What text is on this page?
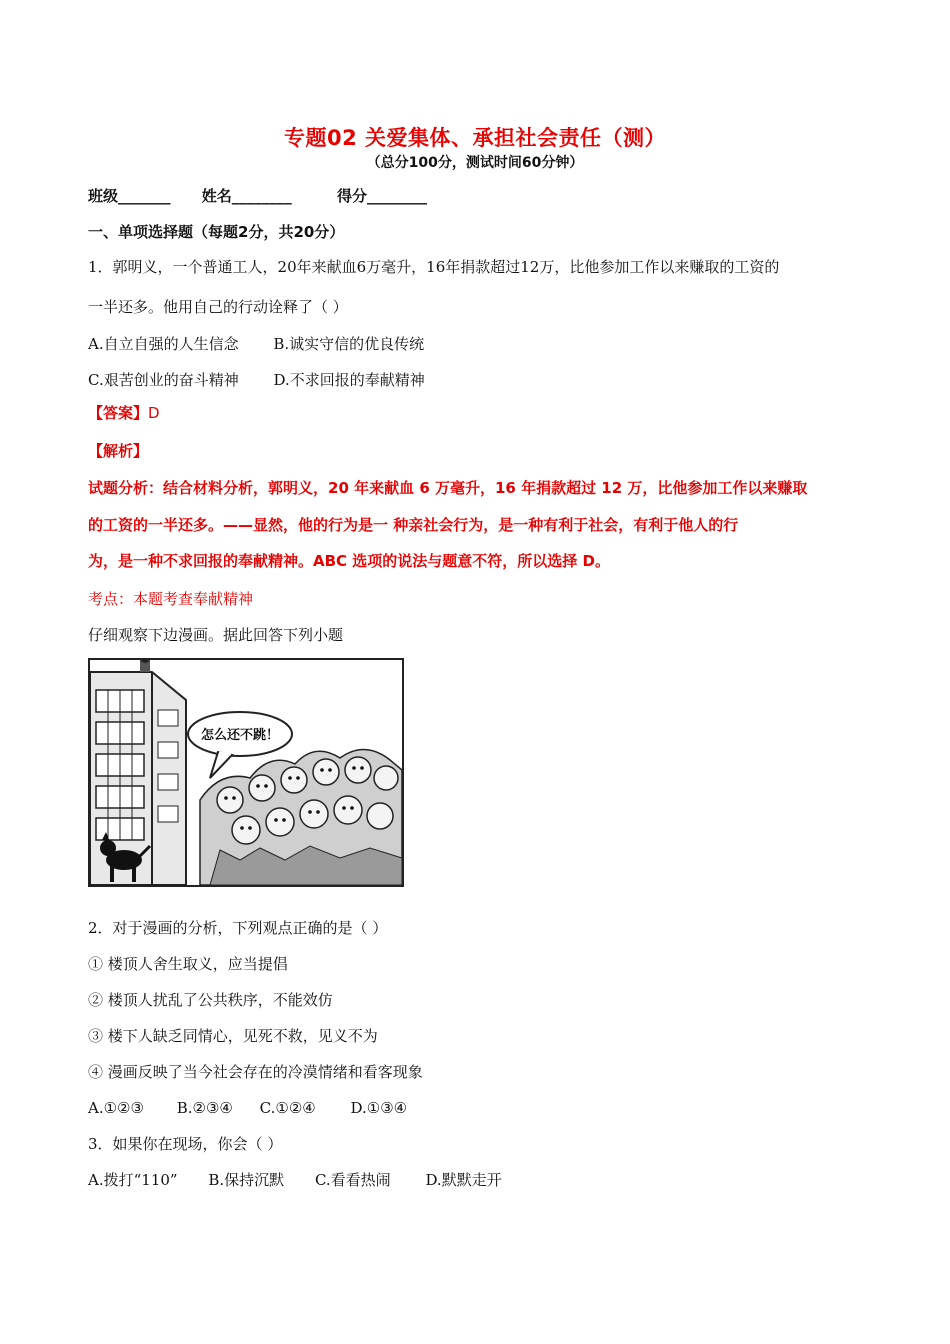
专题02 关爱集体、承担社会责任（测）
（总分100分，测试时间60分钟）
班级_______ 姓名________	得分________
一、单项选择题（每题2分，共20分）
1．郭明义，一个普通工人，20年来献血6万毫升，16年捐款超过12万，比他参加工作以来赚取的工资的
一半还多。他用自己的行动诠释了（ ）
A.自立自强的人生信念 B.诚实守信的优良传统
C.艰苦创业的奋斗精神 D.不求回报的奉献精神
【答案】D
【解析】
试题分析：结合材料分析，郭明义，20 年来献血 6 万毫升，16 年捐款超过 12 万，比他参加工作以来赚取
的工资的一半还多。——显然，他的行为是一 种亲社会行为，是一种有利于社会，有利于他人的行
为，是一种不求回报的奉献精神。ABC 选项的说法与题意不符，所以选择 D。
考点：本题考查奉献精神
仔细观察下边漫画。据此回答下列小题
怎么还不跳！
2．对于漫画的分析，下列观点正确的是（ ）
① 楼顶人舍生取义，应当提倡
② 楼顶人扰乱了公共秩序，不能效仿
③ 楼下人缺乏同情心，见死不救，见义不为
④ 漫画反映了当今社会存在的冷漠情绪和看客现象
A.①②③ B.②③④ C.①②④ D.①③④
3．如果你在现场，你会（ ）
A.拨打“110” B.保持沉默 C.看看热闹 D.默默走开
